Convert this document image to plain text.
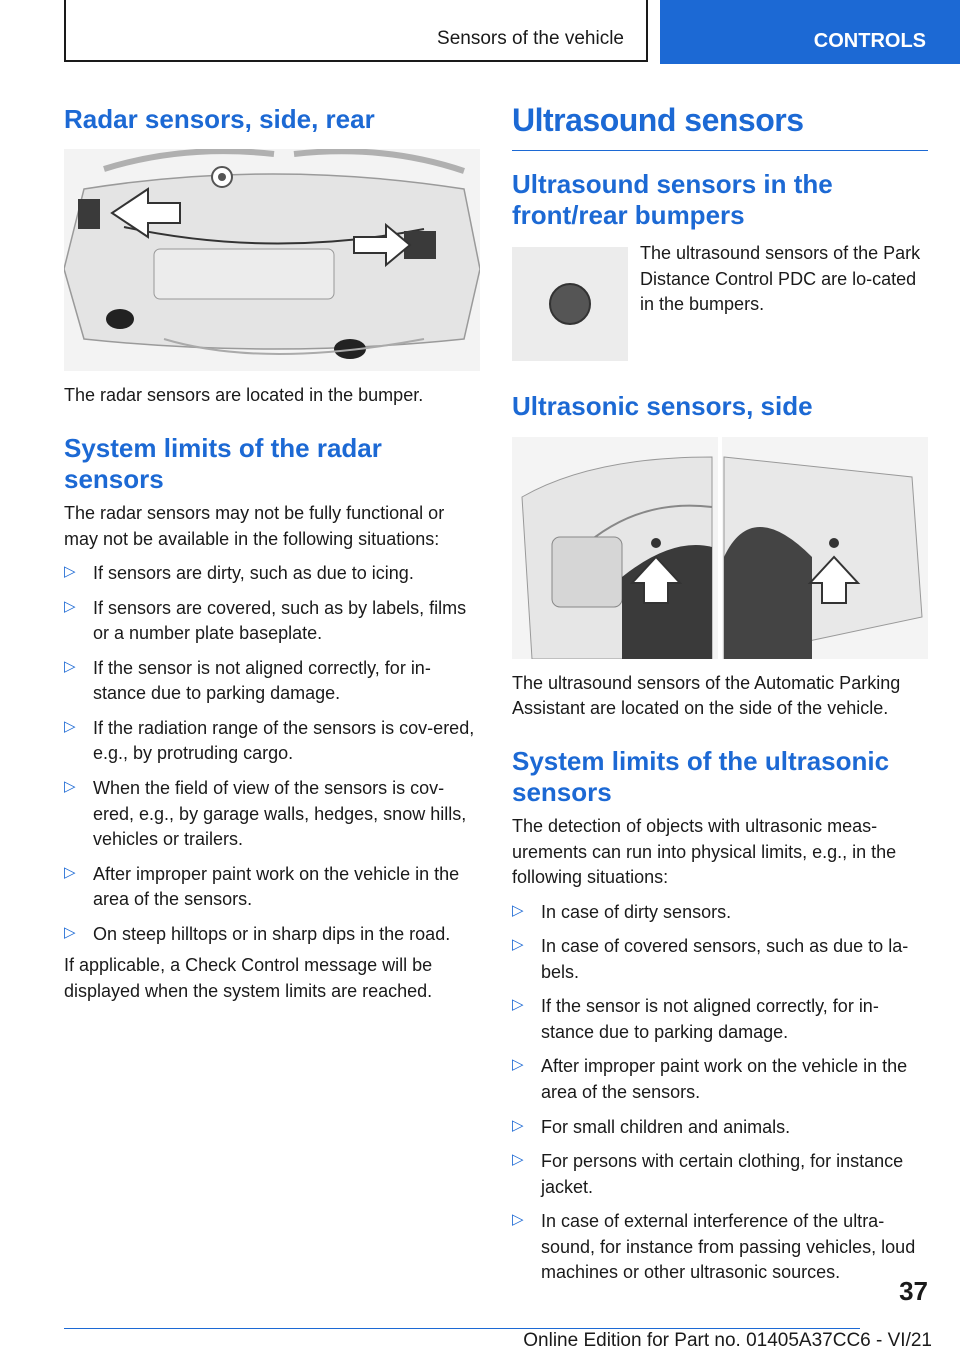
Sensors of the vehicle	CONTROLS
Radar sensors, side, rear

The radar sensors are located in the bumper.

System limits of the radar sensors

The radar sensors may not be fully functional or may not be available in the following situations:

▷ If sensors are dirty, such as due to icing.
▷ If sensors are covered, such as by labels, films or a number plate baseplate.
▷ If the sensor is not aligned correctly, for in-stance due to parking damage.
▷ If the radiation range of the sensors is cov-ered, e.g., by protruding cargo.
▷ When the field of view of the sensors is cov-ered, e.g., by garage walls, hedges, snow hills, vehicles or trailers.
▷ After improper paint work on the vehicle in the area of the sensors.
▷ On steep hilltops or in sharp dips in the road.

If applicable, a Check Control message will be displayed when the system limits are reached.

Ultrasound sensors
Ultrasound sensors in the front/rear bumpers

The ultrasound sensors of the Park Distance Control PDC are lo-cated in the bumpers.

Ultrasonic sensors, side

The ultrasound sensors of the Automatic Parking Assistant are located on the side of the vehicle.

System limits of the ultrasonic sensors

The detection of objects with ultrasonic meas-urements can run into physical limits, e.g., in the following situations:

▷ In case of dirty sensors.
▷ In case of covered sensors, such as due to la-bels.
▷ If the sensor is not aligned correctly, for in-stance due to parking damage.
▷ After improper paint work on the vehicle in the area of the sensors.
▷ For small children and animals.
▷ For persons with certain clothing, for instance jacket.
▷ In case of external interference of the ultra-sound, for instance from passing vehicles, loud machines or other ultrasonic sources.
37
Online Edition for Part no. 01405A37CC6 - VI/21
